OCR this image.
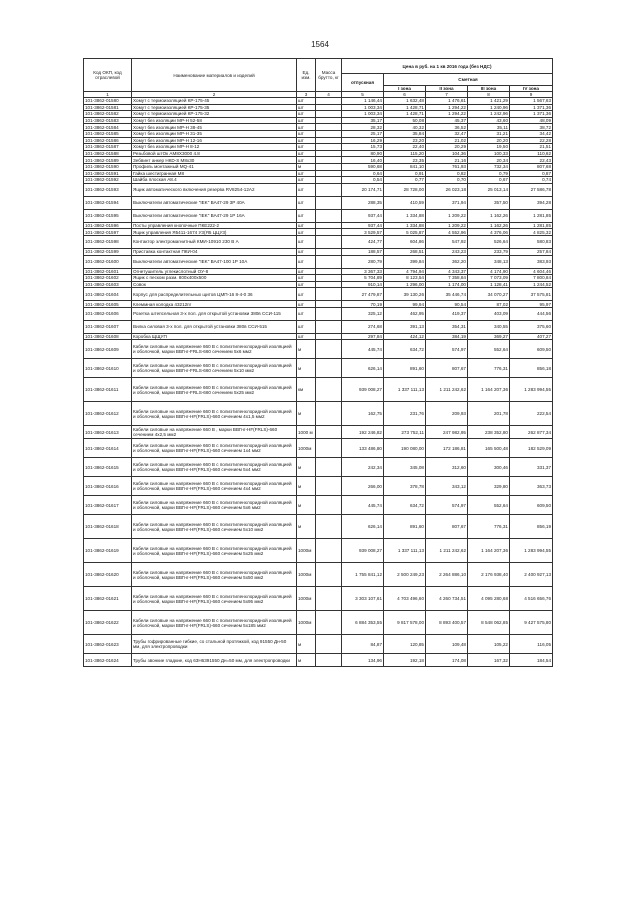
1564
Код ОКП, код отраслевой	Наименование материалов и изделий	Ед. изм.	Масса брутто, кг	Цена в руб. на 1 кв 2016 года (без НДС)				
				отпускная	Сметная			
					I зона	II зона	III зона	IV зона
1	2	3	4	5	6	7	8	9
101-3862-01580	Хомут с термоизоляцией КР-175-45	шт		1 146,44	1 632,48	1 476,61	1 421,29	1 567,63
101-3862-01581	Хомут с термоизоляцией КР-175-35	шт		1 003,34	1 428,71	1 294,22	1 240,96	1 371,36
101-3862-01582	Хомут с термоизоляцией КР-175-32	шт		1 003,34	1 428,71	1 294,22	1 242,96	1 371,36
101-3862-01583	Хомут без изоляции МР-Н 52-58	шт		35,17	50,08	45,37	43,60	48,09
101-3862-01584	Хомут без изоляции МР-Н 38-45	шт		28,32	40,32	36,52	35,11	38,72
101-3862-01585	Хомут без изоляции МР-Н 31-35	шт		25,17	35,84	32,47	31,21	34,42
101-3862-01586	Хомут без изоляции МР-Н 12-16	шт		16,29	23,20	21,02	20,20	22,28
101-3862-01587	Хомут без изоляции МР-Н 8-12	шт		15,73	22,40	20,29	19,50	21,51
101-3862-01588	Резьбовой штОк АМ8Х3000 4.8	шт		80,90	115,20	104,36	100,33	110,62
101-3862-01589	Зебвинт анкер НКD-S М8х30	шт		16,40	23,35	21,16	20,34	22,43
101-3862-01590	Профиль монтажный MQ-41	м		590,68	841,10	761,93	732,34	807,68
101-3862-01591	Гайка шестигранная М8	шт		0,64	0,91	0,82	0,79	0,87
101-3862-01592	Шайба плоская А8.4	шт		0,54	0,77	0,70	0,67	0,74
101-3862-01593	Ящик автоматического включения резерва RV8254-12А2	шт		20 174,71	28 728,00	26 023,18	25 013,14	27 586,78
101-3862-01594	Выключатели автоматические "IEK" ВА47-29 3Р 40А	шт		288,35	410,59	371,94	357,50	394,28
101-3862-01595	Выключатели автоматические "IEK" ВА47-29 1Р 16А	шт		937,44	1 334,88	1 209,22	1 162,26	1 281,85
101-3862-01596	Посты управления кнопочные ПКЕ222-2	шт		937,44	1 334,88	1 209,22	1 162,26	1 281,85
101-3862-01597	Ящик управления Я5411-1674 У3(Я5 ЦЦУ3)	шт		3 529,57	5 025,87	4 552,96	4 376,06	4 825,32
101-3862-01598	Контактор электромагнитный КМИ-10910 230 В А	шт		424,77	604,86	547,92	526,64	580,83
101-3862-01599	Приставка контактная ПКИ-04	шт		188,57	268,51	243,23	233,79	257,84
101-3862-01600	Выключатели автоматические "IEK" ВА47-100 1Р 10А	шт		280,79	399,84	362,20	348,13	383,93
101-3862-01601	Огнетушитель углекислотный ОУ-8	шт		3 367,33	4 794,94	4 343,37	4 174,90	4 604,46
101-3862-01602	Ящик с песком разм. 800х400х500	шт		5 704,89	8 123,54	7 358,84	7 073,09	7 800,84
101-3862-01603	Совок	шт		910,14	1 296,00	1 174,00	1 128,41	1 244,52
101-3862-01604	Корпус для распределительных щитов ЦМП-16 8-4-0 36	шт		27 479,87	39 130,26	35 446,74	34 070,27	37 575,81
101-3862-01605	Клеммная колодка 43212пг	шт		70,19	99,94	90,54	87,02	95,97
101-3862-01606	Розетка штепсельная 3-х пол. для открытой установки 380в ССИ-115	шт		325,12	462,95	419,37	403,09	444,56
101-3862-01607	Вилка силовая 3-х пол. для открытой установки 380в ССИ-515	шт		274,68	391,13	354,31	340,55	375,60
101-3862-01608	Коробка ЩЩУП	шт		297,84	424,12	384,19	369,27	407,27
101-3862-01609	Кабели силовые на напряжение 660 В с полиэтиленхлоридной изоляцией и оболочкой, марки ВВГнг-FRLS-660 сечением 5х6 мм2	м		445,74	634,72	574,97	552,64	609,50
101-3862-01610	Кабели силовые на напряжение 660 В с полиэтиленхлоридной изоляцией и оболочкой, марки ВВГнг-FRLS-660 сечением 5х10 мм2	м		626,14	891,60	807,67	776,31	856,18
101-3862-01611	Кабели силовые на напряжение 660 В с полиэтиленхлоридной изоляцией и оболочкой, марки ВВГнг-FRLS-660 сечением 5х25 мм2	км		939 008,27	1 337 111,13	1 211 242,62	1 164 207,36	1 283 994,55
101-3862-01612	Кабели силовые на напряжение 660 В с полиэтиленхлоридной изоляцией и оболочкой, марки ВВГнг-HF(FRLS)-660 сечением 4х1,5 мм2	м		162,75	231,76	209,93	201,78	222,54
101-3862-01613	Кабели силовые на напряжение 660 В , марки ВВГнг-HF(FRLS)-660 сечением 4х2,5 мм2	1000 м		192 246,82	273 752,11	247 982,95	238 352,80	262 877,34
101-3862-01614	Кабели силовые на напряжение 660 В с полиэтиленхлоридной изоляцией и оболочкой, марки ВВГнг-HF(FRLS)-660 сечением 1х4 мм2	1000м		133 486,80	190 080,00	172 186,81	165 500,48	182 529,09
101-3862-01615	Кабели силовые на напряжение 660 В с полиэтиленхлоридной изоляцией и оболочкой, марки ВВГнг-HF(FRLS)-660 сечением 5х4 мм2	м		242,34	345,08	312,60	300,46	331,37
101-3862-01616	Кабели силовые на напряжение 660 В с полиэтиленхлоридной изоляцией и оболочкой, марки ВВГнг-HF(FRLS)-660 сечением 4х4 мм2	м		266,00	378,78	343,12	329,80	363,73
101-3862-01617	Кабели силовые на напряжение 660 В с полиэтиленхлоридной изоляцией и оболочкой, марки ВВГнг-HF(FRLS)-660 сечением 5х6 мм2	м		445,74	634,72	574,97	552,64	609,50
101-3862-01618	Кабели силовые на напряжение 660 В с полиэтиленхлоридной изоляцией и оболочкой, марки ВВГнг-HF(FRLS)-660 сечением 5х10 мм2	м		626,14	891,60	807,67	776,31	856,19
101-3862-01619	Кабели силовые на напряжение 660 В с полиэтиленхлоридной изоляцией и оболочкой, марки ВВГнг-HF(FRLS)-660 сечением 5х25 мм2	1000м		939 008,27	1 337 111,13	1 211 242,62	1 164 207,36	1 283 994,55
101-3862-01620	Кабели силовые на напряжение 660 В с полиэтиленхлоридной изоляцией и оболочкой, марки ВВГнг-HF(FRLS)-660 сечением 5х50 мм2	1000м		1 755 841,12	2 500 249,23	2 264 886,10	2 176 938,40	2 400 927,13
101-3862-01621	Кабели силовые на напряжение 660 В с полиэтиленхлоридной изоляцией и оболочкой, марки ВВГнг-HF(FRLS)-660 сечением 5х95 мм2	1000м		3 303 107,61	4 703 496,60	4 260 734,51	4 095 280,68	4 516 656,76
101-3862-01622	Кабели силовые на напряжение 660 В с полиэтиленхлоридной изоляцией и оболочкой, марки ВВГнг-HF(FRLS)-660 сечением 5х185 мм2	1000м		6 884 353,55	9 817 578,00	8 893 400,57	8 548 062,85	9 427 575,80
101-3862-01623	Трубы гофрированные гибкие, со стальной протяжкой, код 91550 Дн-50 мм, для электропроводки	м		84,87	120,85	109,48	105,22	116,05
101-3862-01624	Трубы звонкие гладкие, код 63H6391550 Дн=50 мм, для электропроводки	м		134,96	192,18	174,08	167,32	184,54
